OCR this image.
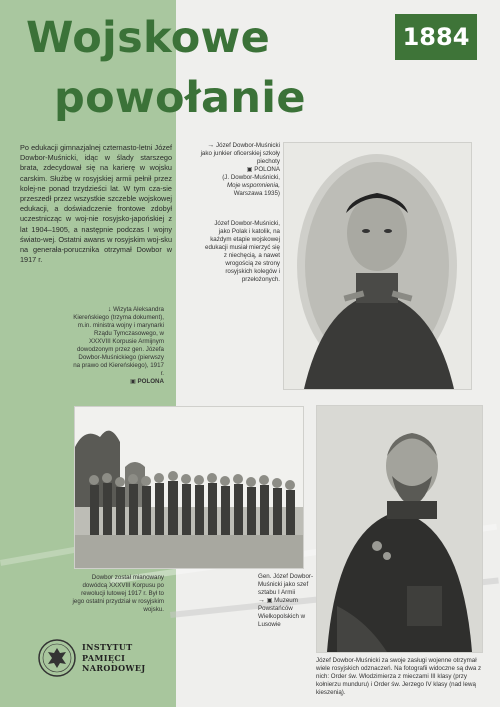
Wojskowe
powołanie
1884
Po edukacji gimnazjalnej czternasto-letni Józef Dowbor-Muśnicki, idąc w ślady starszego brata, zdecydował się na karierę w wojsku carskim. Służbę w rosyjskiej armii pełnił przez kolej-ne ponad trzydzieści lat. W tym cza-sie przeszedł przez wszystkie szczeble wojskowej edukacji, a doświadczenie frontowe zdobył uczestnicząc w woj-nie rosyjsko-japońskiej z lat 1904–1905, a następnie podczas I wojny świato-wej. Ostatni awans w rosyjskim woj-sku na generała-porucznika otrzymał Dowbor w 1917 r.
→ Józef Dowbor-Muśnicki jako junkier oficerskiej szkoły piechoty
▣ POLONA
(J. Dowbor-Muśnicki,
Moje wspomnienia,
Warszawa 1935)
Józef Dowbor-Muśnicki, jako Polak i katolik, na każdym etapie wojskowej edukacji musiał mierzyć się z niechęcią, a nawet wrogością ze strony rosyjskich kolegów i przełożonych.
↓ Wizyta Aleksandra Kiereńskiego (trzyma dokument), m.in. ministra wojny i marynarki Rządu Tymczasowego, w XXXVIII Korpusie Armijnym dowodzonym przez gen. Józefa Dowbor-Muśnickiego (pierwszy na prawo od Kiereńskiego), 1917 r.
▣ POLONA
Dowbor został mianowany dowódcą XXXVIII Korpusu po rewolucji lutowej 1917 r. Był to jego ostatni przydział w rosyjskim wojsku.
Gen. Józef Dowbor-Muśnicki jako szef sztabu I Armii
→ ▣ Muzeum Powstańców Wielkopolskich w Lusowie
Józef Dowbor-Muśnicki za swoje zasługi wojenne otrzymał wiele rosyjskich odznaczeń. Na fotografii widoczne są dwa z nich: Order św. Włodzimierza z mieczami III klasy (przy kołnierzu munduru) i Order św. Jerzego IV klasy (nad lewą kieszenią).
INSTYTUT
PAMIĘCI
NARODOWEJ
